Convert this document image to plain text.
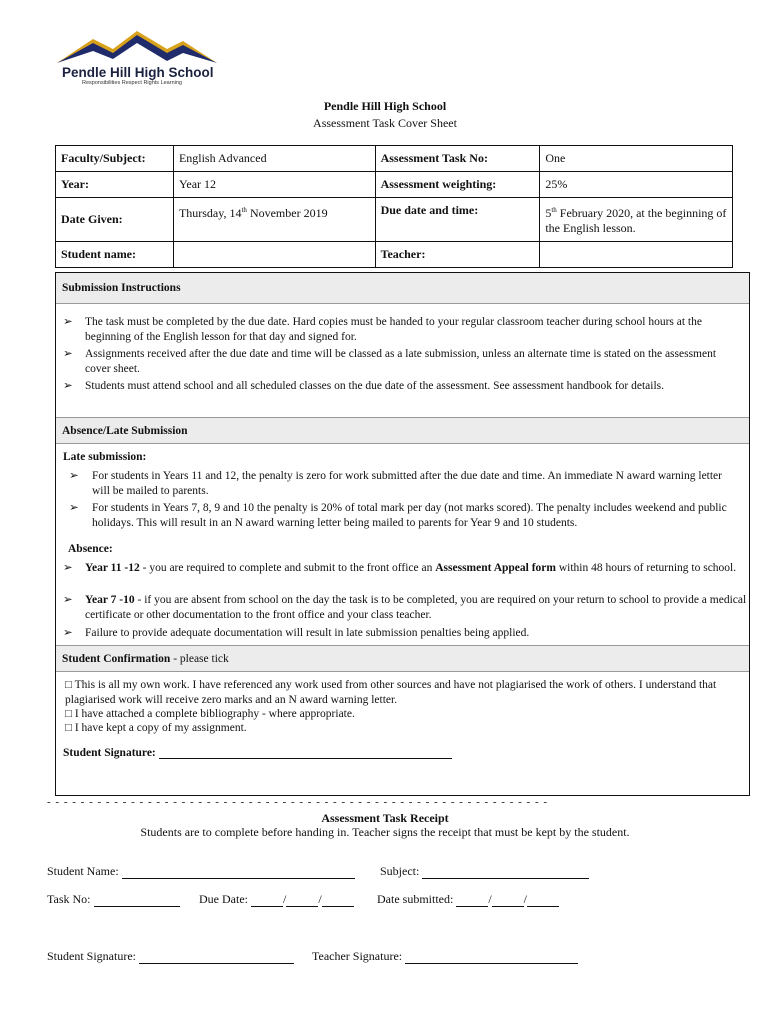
Pendle Hill High School
Responsibilities Respect Rights Learning
Pendle Hill High School
Assessment Task Cover Sheet
Faculty/Subject:	English Advanced	Assessment Task No:	One
Year:	Year 12	Assessment weighting:	25%
Date Given:	Thursday, 14th November 2019	Due date and time:	5th February 2020, at the beginning of the English lesson.
Student name:		Teacher:	
Submission Instructions
➢	The task must be completed by the due date. Hard copies must be handed to your regular classroom teacher during school hours at the beginning of the English lesson for that day and signed for.
➢	Assignments received after the due date and time will be classed as a late submission, unless an alternate time is stated on the assessment cover sheet.
➢	Students must attend school and all scheduled classes on the due date of the assessment. See assessment handbook for details.
Absence/Late Submission
Late submission:
➢	For students in Years 11 and 12, the penalty is zero for work submitted after the due date and time. An immediate N award warning letter will be mailed to parents.
➢	For students in Years 7, 8, 9 and 10 the penalty is 20% of total mark per day (not marks scored). The penalty includes weekend and public holidays. This will result in an N award warning letter being mailed to parents for Year 9 and 10 students.
Absence:
➢	Year 11 -12 - you are required to complete and submit to the front office an Assessment Appeal form within 48 hours of returning to school.
➢	Year 7 -10 - if you are absent from school on the day the task is to be completed, you are required on your return to school to provide a medical certificate or other documentation to the front office and your class teacher.
➢	Failure to provide adequate documentation will result in late submission penalties being applied.
Student Confirmation - please tick
□ This is all my own work. I have referenced any work used from other sources and have not plagiarised the work of others. I understand that plagiarised work will receive zero marks and an N award warning letter.
□ I have attached a complete bibliography - where appropriate.
□ I have kept a copy of my assignment.
Student Signature:
- - - - - - - - - - - - - - - - - - - - - - - - - - - - - - - - - - - - - - - - - - - - - - - - - - - - - - - - - - - -
Assessment Task Receipt
Students are to complete before handing in. Teacher signs the receipt that must be kept by the student.
Student Name:	Subject:
Task No:	Due Date:	/	/	Date submitted:	/	/
Student Signature:	Teacher Signature:
